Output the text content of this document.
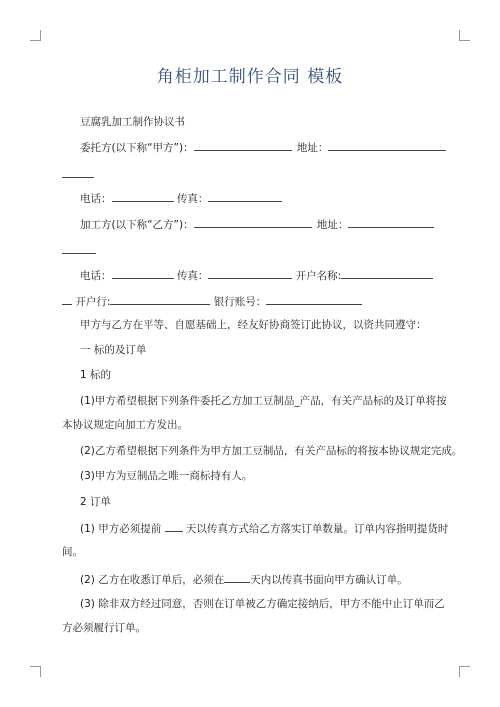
角柜加工制作合同 模板
豆腐乳加工制作协议书
委托方(以下称“甲方”)：	地址：
电话：	传真：
加工方(以下称“乙方”)：	地址：
电话：	传真：	开户名称:
开户行:	银行账号：
甲方与乙方在平等、自愿基础上，经友好协商签订此协议，以资共同遵守：
一 标的及订单
1 标的
(1)甲方希望根据下列条件委托乙方加工豆制品_产品，有关产品标的及订单将按
本协议规定向加工方发出。
(2)乙方希望根据下列条件为甲方加工豆制品，有关产品标的将按本协议规定完成。
(3)甲方为豆制品之唯一商标持有人。
2 订单
(1) 甲方必须提前 天以传真方式给乙方落实订单数量。订单内容指明提货时
间。
(2) 乙方在收悉订单后，必须在 天内以传真书面向甲方确认订单。
(3) 除非双方经过同意，否则在订单被乙方确定接纳后，甲方不能中止订单而乙
方必须履行订单。
